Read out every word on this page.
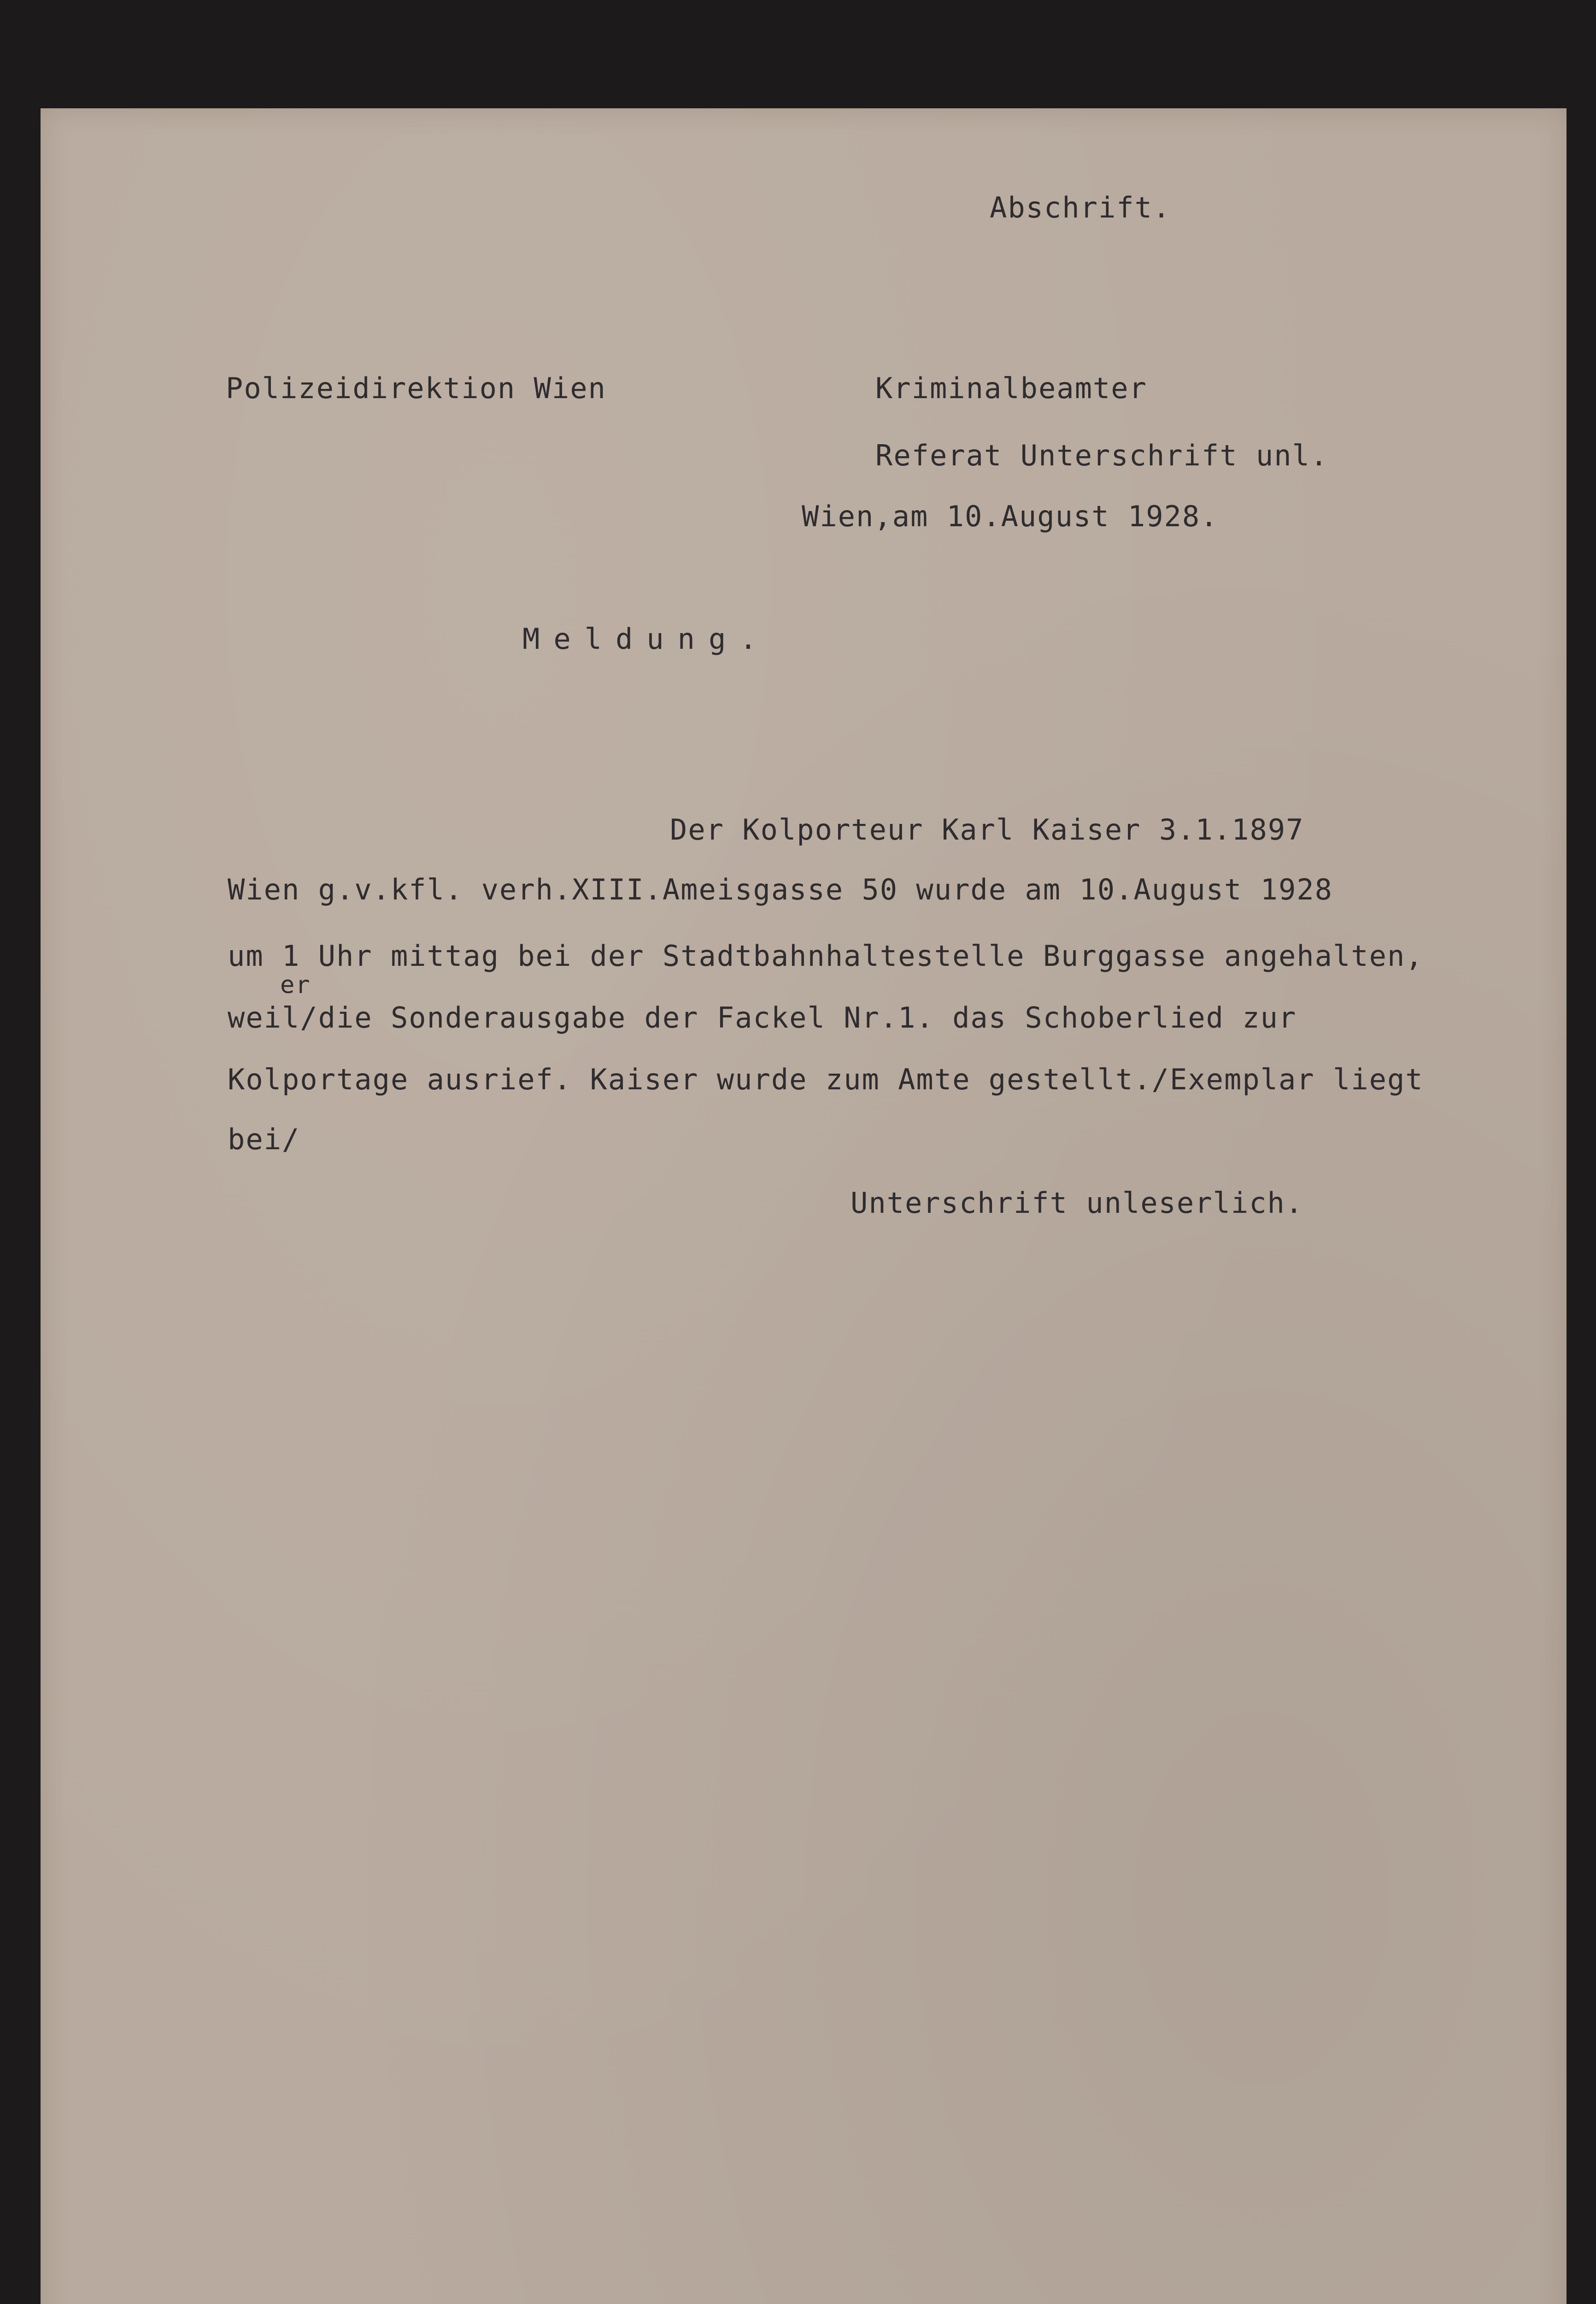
Abschrift.
Polizeidirektion Wien	Kriminalbeamter
Referat Unterschrift unl.
Wien,am 10.August 1928.
Meldung.
Der Kolporteur Karl Kaiser 3.1.1897
Wien g.v.kfl. verh.XIII.Ameisgasse 50 wurde am 10.August 1928
um 1 Uhr mittag bei der Stadtbahnhaltestelle Burggasse angehalten,
er
weil/die Sonderausgabe der Fackel Nr.1. das Schoberlied zur
Kolportage ausrief. Kaiser wurde zum Amte gestellt./Exemplar liegt
bei/
Unterschrift unleserlich.
